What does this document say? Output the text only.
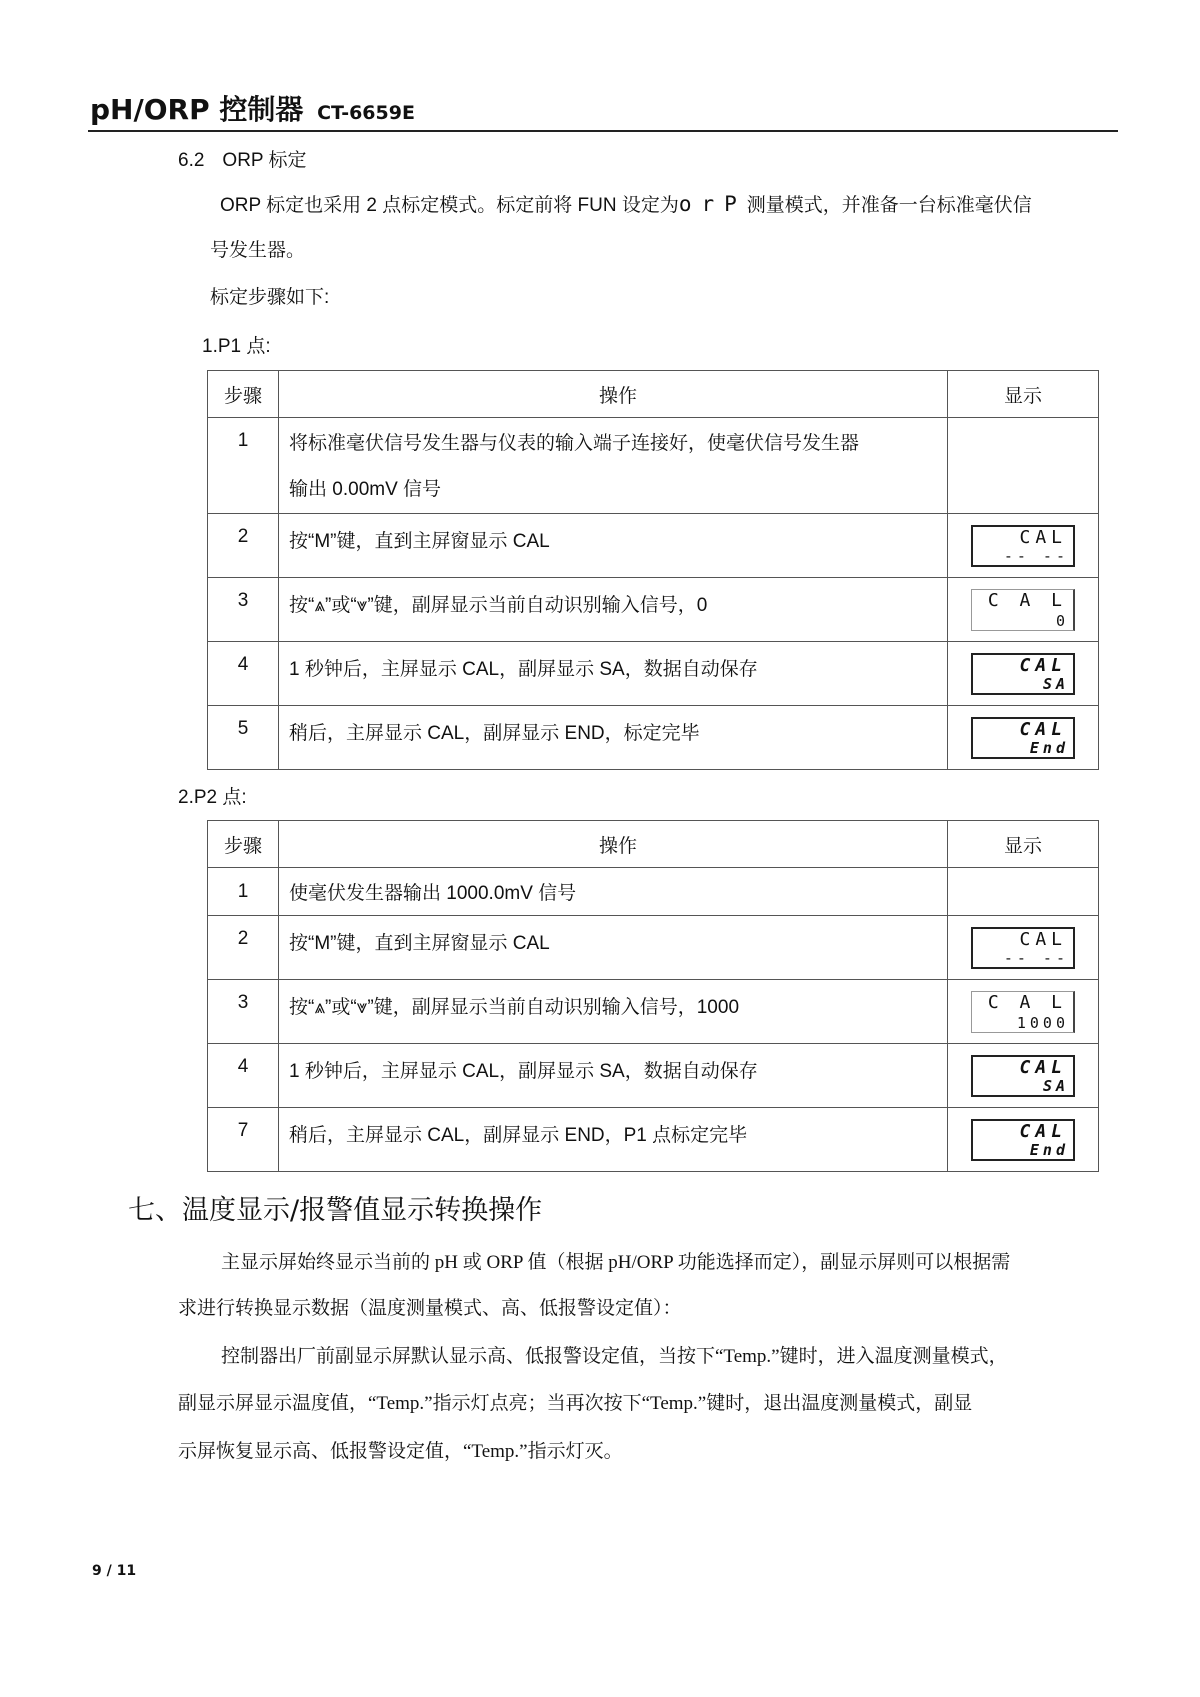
pH/ORP 控制器 CT-6659E
6.2 ORP 标定
ORP 标定也采用 2 点标定模式。标定前将 FUN 设定为orP测量模式，并准备一台标准毫伏信
号发生器。
标定步骤如下:
1.P1 点:
步骤	操作	显示
1	将标准毫伏信号发生器与仪表的输入端子连接好，使毫伏信号发生器
输出 0.00mV 信号	

2	按“M”键，直到主屏窗显示 CAL	CAL
-- --

3	按“⩓”或“⩔”键，副屏显示当前自动识别输入信号，0	C A L
0

4	1 秒钟后，主屏显示 CAL，副屏显示 SA，数据自动保存	CAL
SA

5	稍后，主屏显示 CAL，副屏显示 END，标定完毕	CAL
End
2.P2 点:
步骤	操作	显示
1	使毫伏发生器输出 1000.0mV 信号	
2	按“M”键，直到主屏窗显示 CAL	CAL
-- --

3	按“⩓”或“⩔”键，副屏显示当前自动识别输入信号，1000	C A L
1000

4	1 秒钟后，主屏显示 CAL，副屏显示 SA，数据自动保存	CAL
SA

7	稍后，主屏显示 CAL，副屏显示 END，P1 点标定完毕	CAL
End
七、温度显示/报警值显示转换操作
主显示屏始终显示当前的 pH 或 ORP 值（根据 pH/ORP 功能选择而定），副显示屏则可以根据需
求进行转换显示数据（温度测量模式、高、低报警设定值）：
控制器出厂前副显示屏默认显示高、低报警设定值，当按下“Temp.”键时，进入温度测量模式，
副显示屏显示温度值，“Temp.”指示灯点亮；当再次按下“Temp.”键时，退出温度测量模式，副显
示屏恢复显示高、低报警设定值，“Temp.”指示灯灭。
9 / 11
